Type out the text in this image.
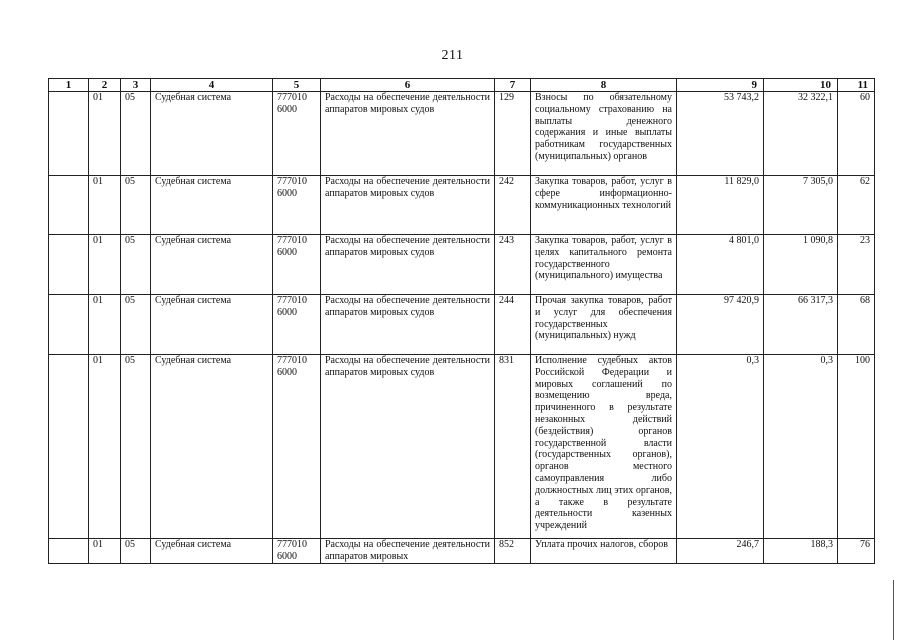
211
1	2	3	4	5	6	7	8	9	10	11
	01	05	Судебная система	777010 6000	Расходы на обеспечение деятельности аппаратов мировых судов	129	Взносы по обязательному социальному страхованию на выплаты денежного содержания и иные выплаты работникам государственных (муниципальных) органов	53 743,2	32 322,1	60
	01	05	Судебная система	777010 6000	Расходы на обеспечение деятельности аппаратов мировых судов	242	Закупка товаров, работ, услуг в сфере информационно-коммуникационных технологий	11 829,0	7 305,0	62
	01	05	Судебная система	777010 6000	Расходы на обеспечение деятельности аппаратов мировых судов	243	Закупка товаров, работ, услуг в целях капитального ремонта государственного (муниципального) имущества	4 801,0	1 090,8	23
	01	05	Судебная система	777010 6000	Расходы на обеспечение деятельности аппаратов мировых судов	244	Прочая закупка товаров, работ и услуг для обеспечения государственных (муниципальных) нужд	97 420,9	66 317,3	68
	01	05	Судебная система	777010 6000	Расходы на обеспечение деятельности аппаратов мировых судов	831	Исполнение судебных актов Российской Федерации и мировых соглашений по возмещению вреда, причиненного в результате незаконных действий (бездействия) органов государственной власти (государственных органов), органов местного самоуправления либо должностных лиц этих органов, а также в результате деятельности казенных учреждений	0,3	0,3	100
	01	05	Судебная система	777010 6000	Расходы на обеспечение деятельности аппаратов мировых	852	Уплата прочих налогов, сборов	246,7	188,3	76
